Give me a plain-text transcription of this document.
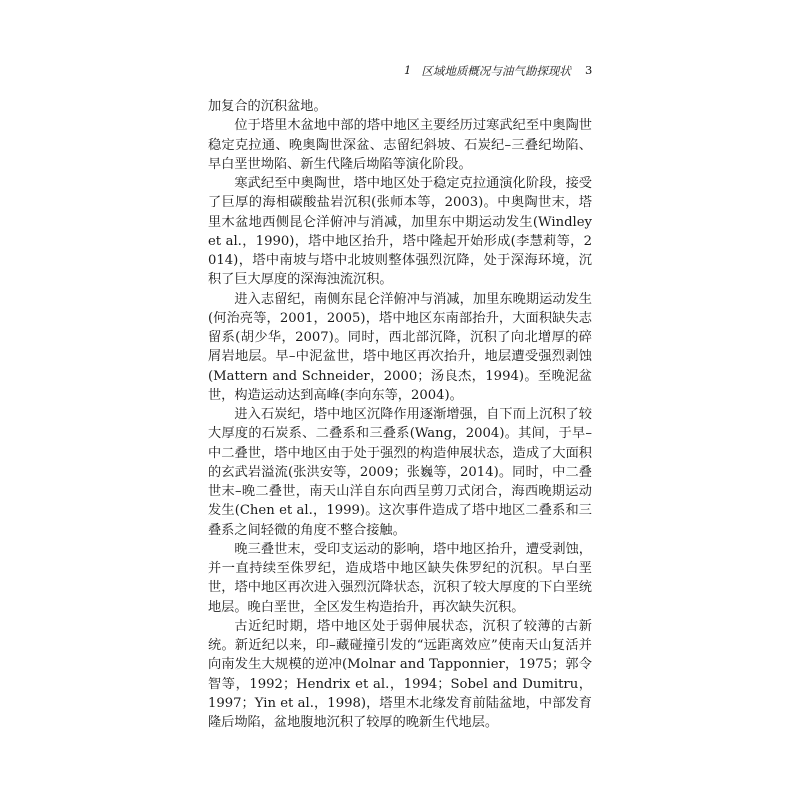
1 区域地质概况与油气勘探现状 3

加复合的沉积盆地。

位于塔里木盆地中部的塔中地区主要经历过寒武纪至中奥陶世稳定克拉通、晚奥陶世深盆、志留纪斜坡、石炭纪–三叠纪坳陷、早白垩世坳陷、新生代隆后坳陷等演化阶段。

寒武纪至中奥陶世，塔中地区处于稳定克拉通演化阶段，接受了巨厚的海相碳酸盐岩沉积(张师本等，2003)。中奥陶世末，塔里木盆地西侧昆仑洋俯冲与消减，加里东中期运动发生(Windley et al.，1990)，塔中地区抬升，塔中隆起开始形成(李慧莉等，2014)，塔中南坡与塔中北坡则整体强烈沉降，处于深海环境，沉积了巨大厚度的深海浊流沉积。

进入志留纪，南侧东昆仑洋俯冲与消减，加里东晚期运动发生(何治亮等，2001，2005)，塔中地区东南部抬升，大面积缺失志留系(胡少华，2007)。同时，西北部沉降，沉积了向北增厚的碎屑岩地层。早–中泥盆世，塔中地区再次抬升，地层遭受强烈剥蚀(Mattern and Schneider，2000；汤良杰，1994)。至晚泥盆世，构造运动达到高峰(李向东等，2004)。

进入石炭纪，塔中地区沉降作用逐渐增强，自下而上沉积了较大厚度的石炭系、二叠系和三叠系(Wang，2004)。其间，于早–中二叠世，塔中地区由于处于强烈的构造伸展状态，造成了大面积的玄武岩溢流(张洪安等，2009；张巍等，2014)。同时，中二叠世末–晚二叠世，南天山洋自东向西呈剪刀式闭合，海西晚期运动发生(Chen et al.，1999)。这次事件造成了塔中地区二叠系和三叠系之间轻微的角度不整合接触。

晚三叠世末，受印支运动的影响，塔中地区抬升，遭受剥蚀，并一直持续至侏罗纪，造成塔中地区缺失侏罗纪的沉积。早白垩世，塔中地区再次进入强烈沉降状态，沉积了较大厚度的下白垩统地层。晚白垩世，全区发生构造抬升，再次缺失沉积。

古近纪时期，塔中地区处于弱伸展状态，沉积了较薄的古新统。新近纪以来，印–藏碰撞引发的“远距离效应”使南天山复活并向南发生大规模的逆冲(Molnar and Tapponnier，1975；郭令智等，1992；Hendrix et al.，1994；Sobel and Dumitru，1997；Yin et al.，1998)，塔里木北缘发育前陆盆地，中部发育隆后坳陷，盆地腹地沉积了较厚的晚新生代地层。
